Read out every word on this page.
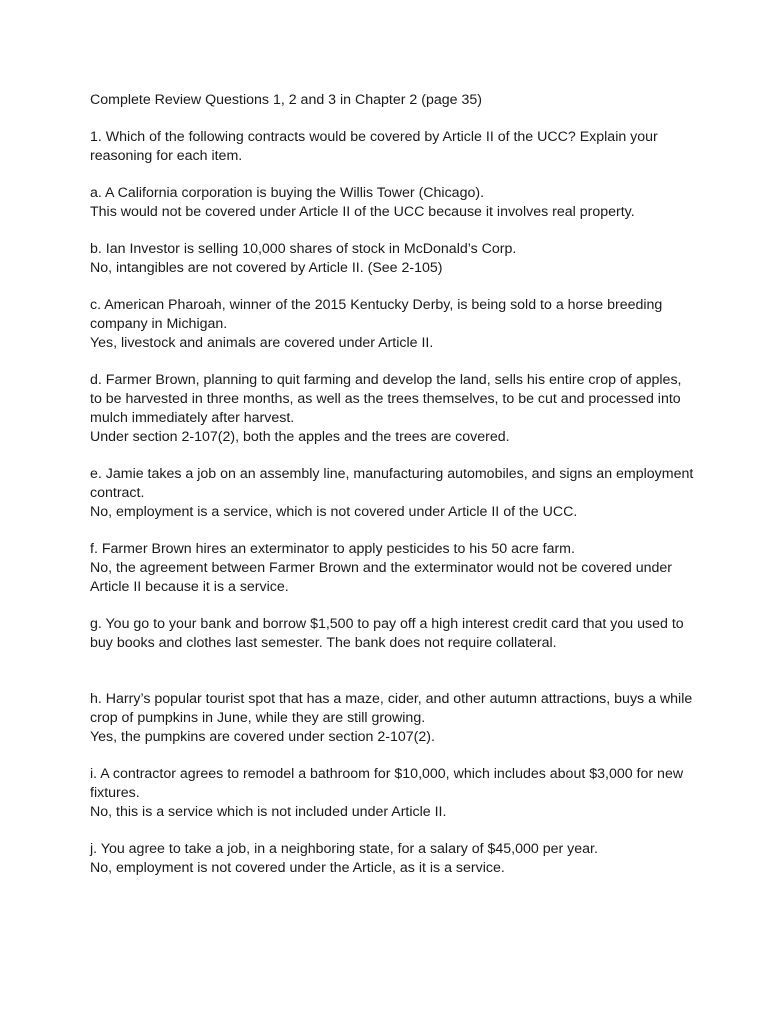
Complete Review Questions 1, 2 and 3 in Chapter 2 (page 35)
1. Which of the following contracts would be covered by Article II of the UCC? Explain your
reasoning for each item.
a. A California corporation is buying the Willis Tower (Chicago).
This would not be covered under Article II of the UCC because it involves real property.
b. Ian Investor is selling 10,000 shares of stock in McDonald’s Corp.
No, intangibles are not covered by Article II. (See 2-105)
c. American Pharoah, winner of the 2015 Kentucky Derby, is being sold to a horse breeding
company in Michigan.
Yes, livestock and animals are covered under Article II.
d. Farmer Brown, planning to quit farming and develop the land, sells his entire crop of apples,
to be harvested in three months, as well as the trees themselves, to be cut and processed into
mulch immediately after harvest.
Under section 2-107(2), both the apples and the trees are covered.
e. Jamie takes a job on an assembly line, manufacturing automobiles, and signs an employment
contract.
No, employment is a service, which is not covered under Article II of the UCC.
f. Farmer Brown hires an exterminator to apply pesticides to his 50 acre farm.
No, the agreement between Farmer Brown and the exterminator would not be covered under
Article II because it is a service.
g. You go to your bank and borrow $1,500 to pay off a high interest credit card that you used to
buy books and clothes last semester. The bank does not require collateral.
h. Harry’s popular tourist spot that has a maze, cider, and other autumn attractions, buys a while
crop of pumpkins in June, while they are still growing.
Yes, the pumpkins are covered under section 2-107(2).
i. A contractor agrees to remodel a bathroom for $10,000, which includes about $3,000 for new
fixtures.
No, this is a service which is not included under Article II.
j. You agree to take a job, in a neighboring state, for a salary of $45,000 per year.
No, employment is not covered under the Article, as it is a service.
